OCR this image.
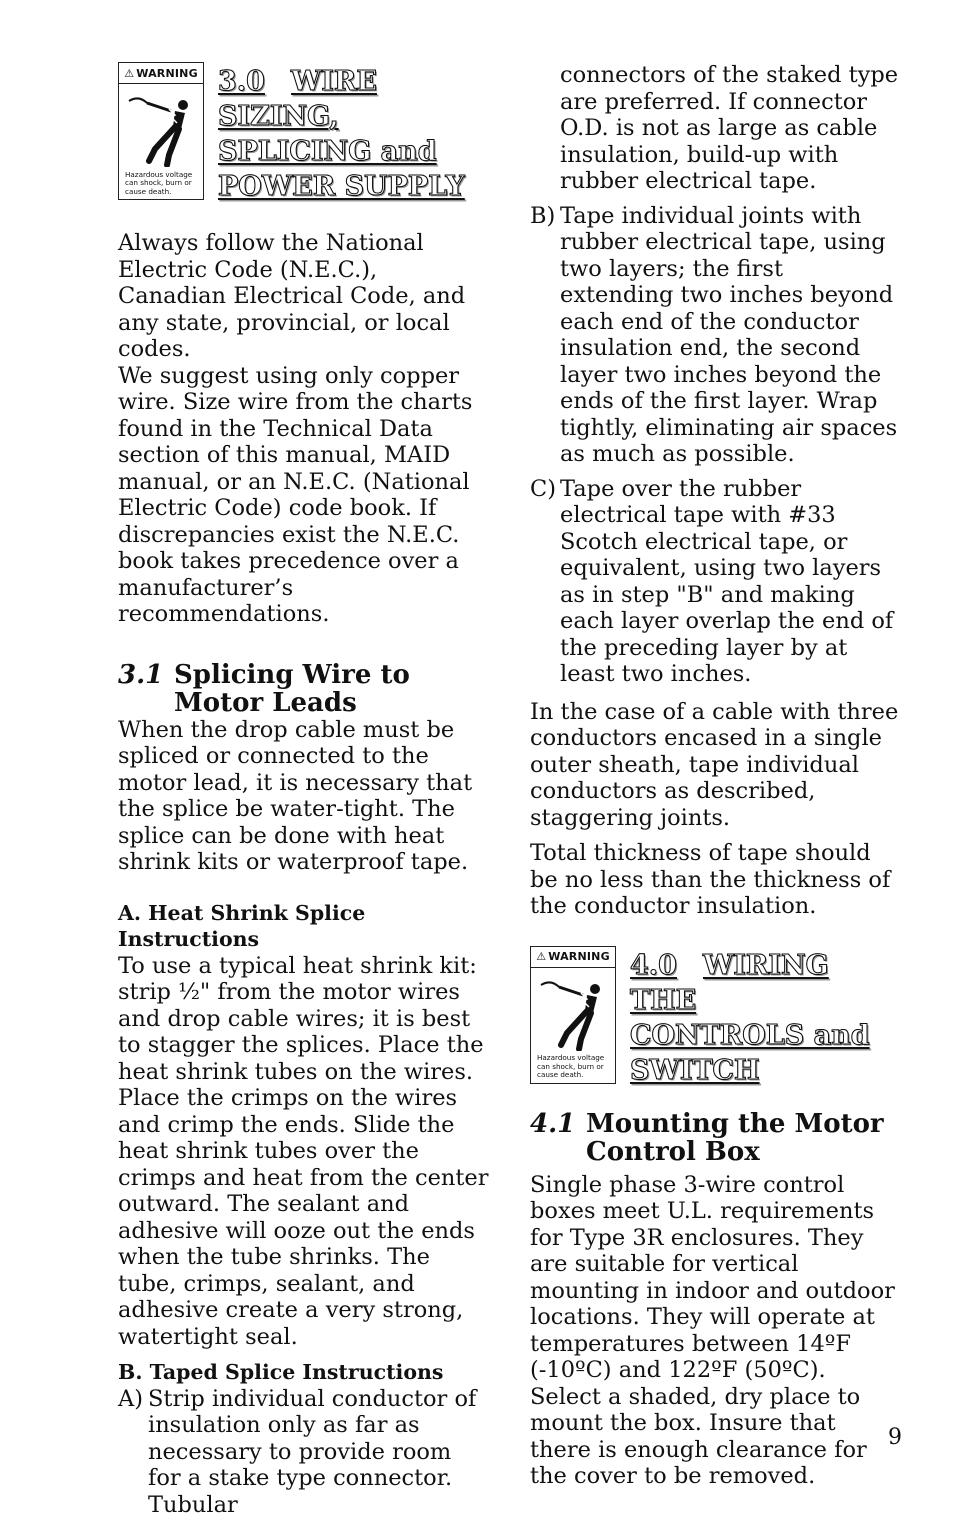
⚠ WARNING
Hazardous voltage can shock, burn or cause death.
3.0 WIRE
SIZING,
SPLICING and
POWER SUPPLY

Always follow the National Electric Code (N.E.C.), Canadian Electrical Code, and any state, provincial, or local codes.

We suggest using only copper wire. Size wire from the charts found in the Technical Data section of this manual, MAID manual, or an N.E.C. (National Electric Code) code book. If discrepancies exist the N.E.C. book takes precedence over a manufacturer’s recommendations.

3.1 Splicing Wire to Motor Leads

When the drop cable must be spliced or connected to the motor lead, it is necessary that the splice be water-tight. The splice can be done with heat shrink kits or waterproof tape.

A. Heat Shrink Splice Instructions

To use a typical heat shrink kit: strip ½" from the motor wires and drop cable wires; it is best to stagger the splices. Place the heat shrink tubes on the wires. Place the crimps on the wires and crimp the ends. Slide the heat shrink tubes over the crimps and heat from the center outward. The sealant and adhesive will ooze out the ends when the tube shrinks. The tube, crimps, sealant, and adhesive create a very strong, watertight seal.

B. Taped Splice Instructions
A) Strip individual conductor of insulation only as far as necessary to provide room for a stake type connector. Tubular

connectors of the staked type are preferred. If connector O.D. is not as large as cable insulation, build-up with rubber electrical tape.

B) Tape individual joints with rubber electrical tape, using two layers; the first extending two inches beyond each end of the conductor insulation end, the second layer two inches beyond the ends of the first layer. Wrap tightly, eliminating air spaces as much as possible.
C) Tape over the rubber electrical tape with #33 Scotch electrical tape, or equivalent, using two layers as in step "B" and making each layer overlap the end of the preceding layer by at least two inches.

In the case of a cable with three conductors encased in a single outer sheath, tape individual conductors as described, staggering joints.

Total thickness of tape should be no less than the thickness of the conductor insulation.

⚠ WARNING
Hazardous voltage can shock, burn or cause death.
4.0 WIRING
THE
CONTROLS and
SWITCH
4.1 Mounting the Motor Control Box

Single phase 3-wire control boxes meet U.L. requirements for Type 3R enclosures. They are suitable for vertical mounting in indoor and outdoor locations. They will operate at temperatures between 14ºF (-10ºC) and 122ºF (50ºC). Select a shaded, dry place to mount the box. Insure that there is enough clearance for the cover to be removed.

9
